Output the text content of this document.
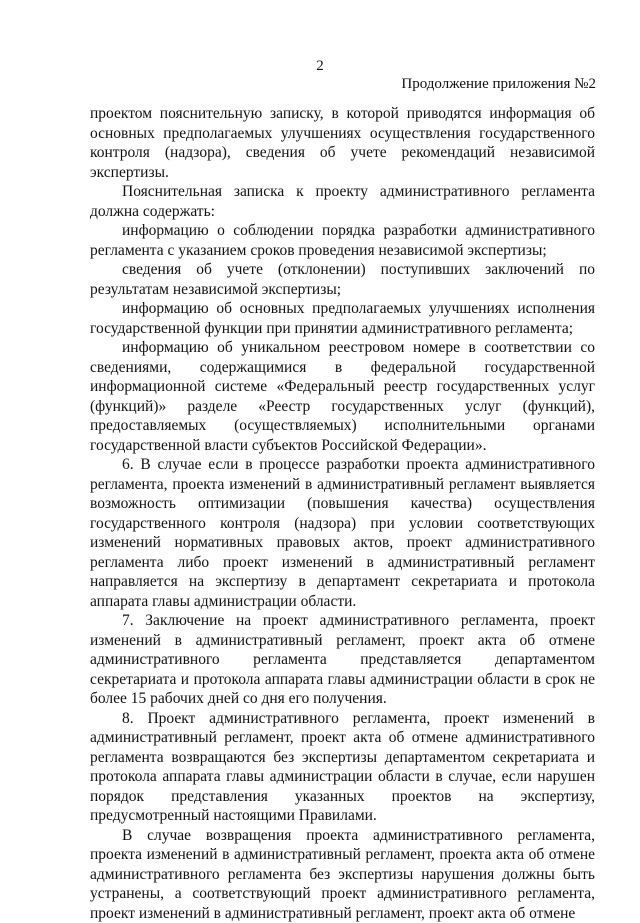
2
Продолжение приложения №2

проектом пояснительную записку, в которой приводятся информация об основных предполагаемых улучшениях осуществления государственного контроля (надзора), сведения об учете рекомендаций независимой экспертизы.

Пояснительная записка к проекту административного регламента должна содержать:

информацию о соблюдении порядка разработки административного регламента с указанием сроков проведения независимой экспертизы;

сведения об учете (отклонении) поступивших заключений по результатам независимой экспертизы;

информацию об основных предполагаемых улучшениях исполнения государственной функции при принятии административного регламента;

информацию об уникальном реестровом номере в соответствии со сведениями, содержащимися в федеральной государственной информационной системе «Федеральный реестр государственных услуг (функций)» разделе «Реестр государственных услуг (функций), предоставляемых (осуществляемых) исполнительными органами государственной власти субъектов Российской Федерации».

6. В случае если в процессе разработки проекта административного регламента, проекта изменений в административный регламент выявляется возможность оптимизации (повышения качества) осуществления государственного контроля (надзора) при условии соответствующих изменений нормативных правовых актов, проект административного регламента либо проект изменений в административный регламент направляется на экспертизу в департамент секретариата и протокола аппарата главы администрации области.

7. Заключение на проект административного регламента, проект изменений в административный регламент, проект акта об отмене административного регламента представляется департаментом секретариата и протокола аппарата главы администрации области в срок не более 15 рабочих дней со дня его получения.

8. Проект административного регламента, проект изменений в административный регламент, проект акта об отмене административного регламента возвращаются без экспертизы департаментом секретариата и протокола аппарата главы администрации области в случае, если нарушен порядок представления указанных проектов на экспертизу, предусмотренный настоящими Правилами.

В случае возвращения проекта административного регламента, проекта изменений в административный регламент, проекта акта об отмене административного регламента без экспертизы нарушения должны быть устранены, а соответствующий проект административного регламента, проект изменений в административный регламент, проект акта об отмене
